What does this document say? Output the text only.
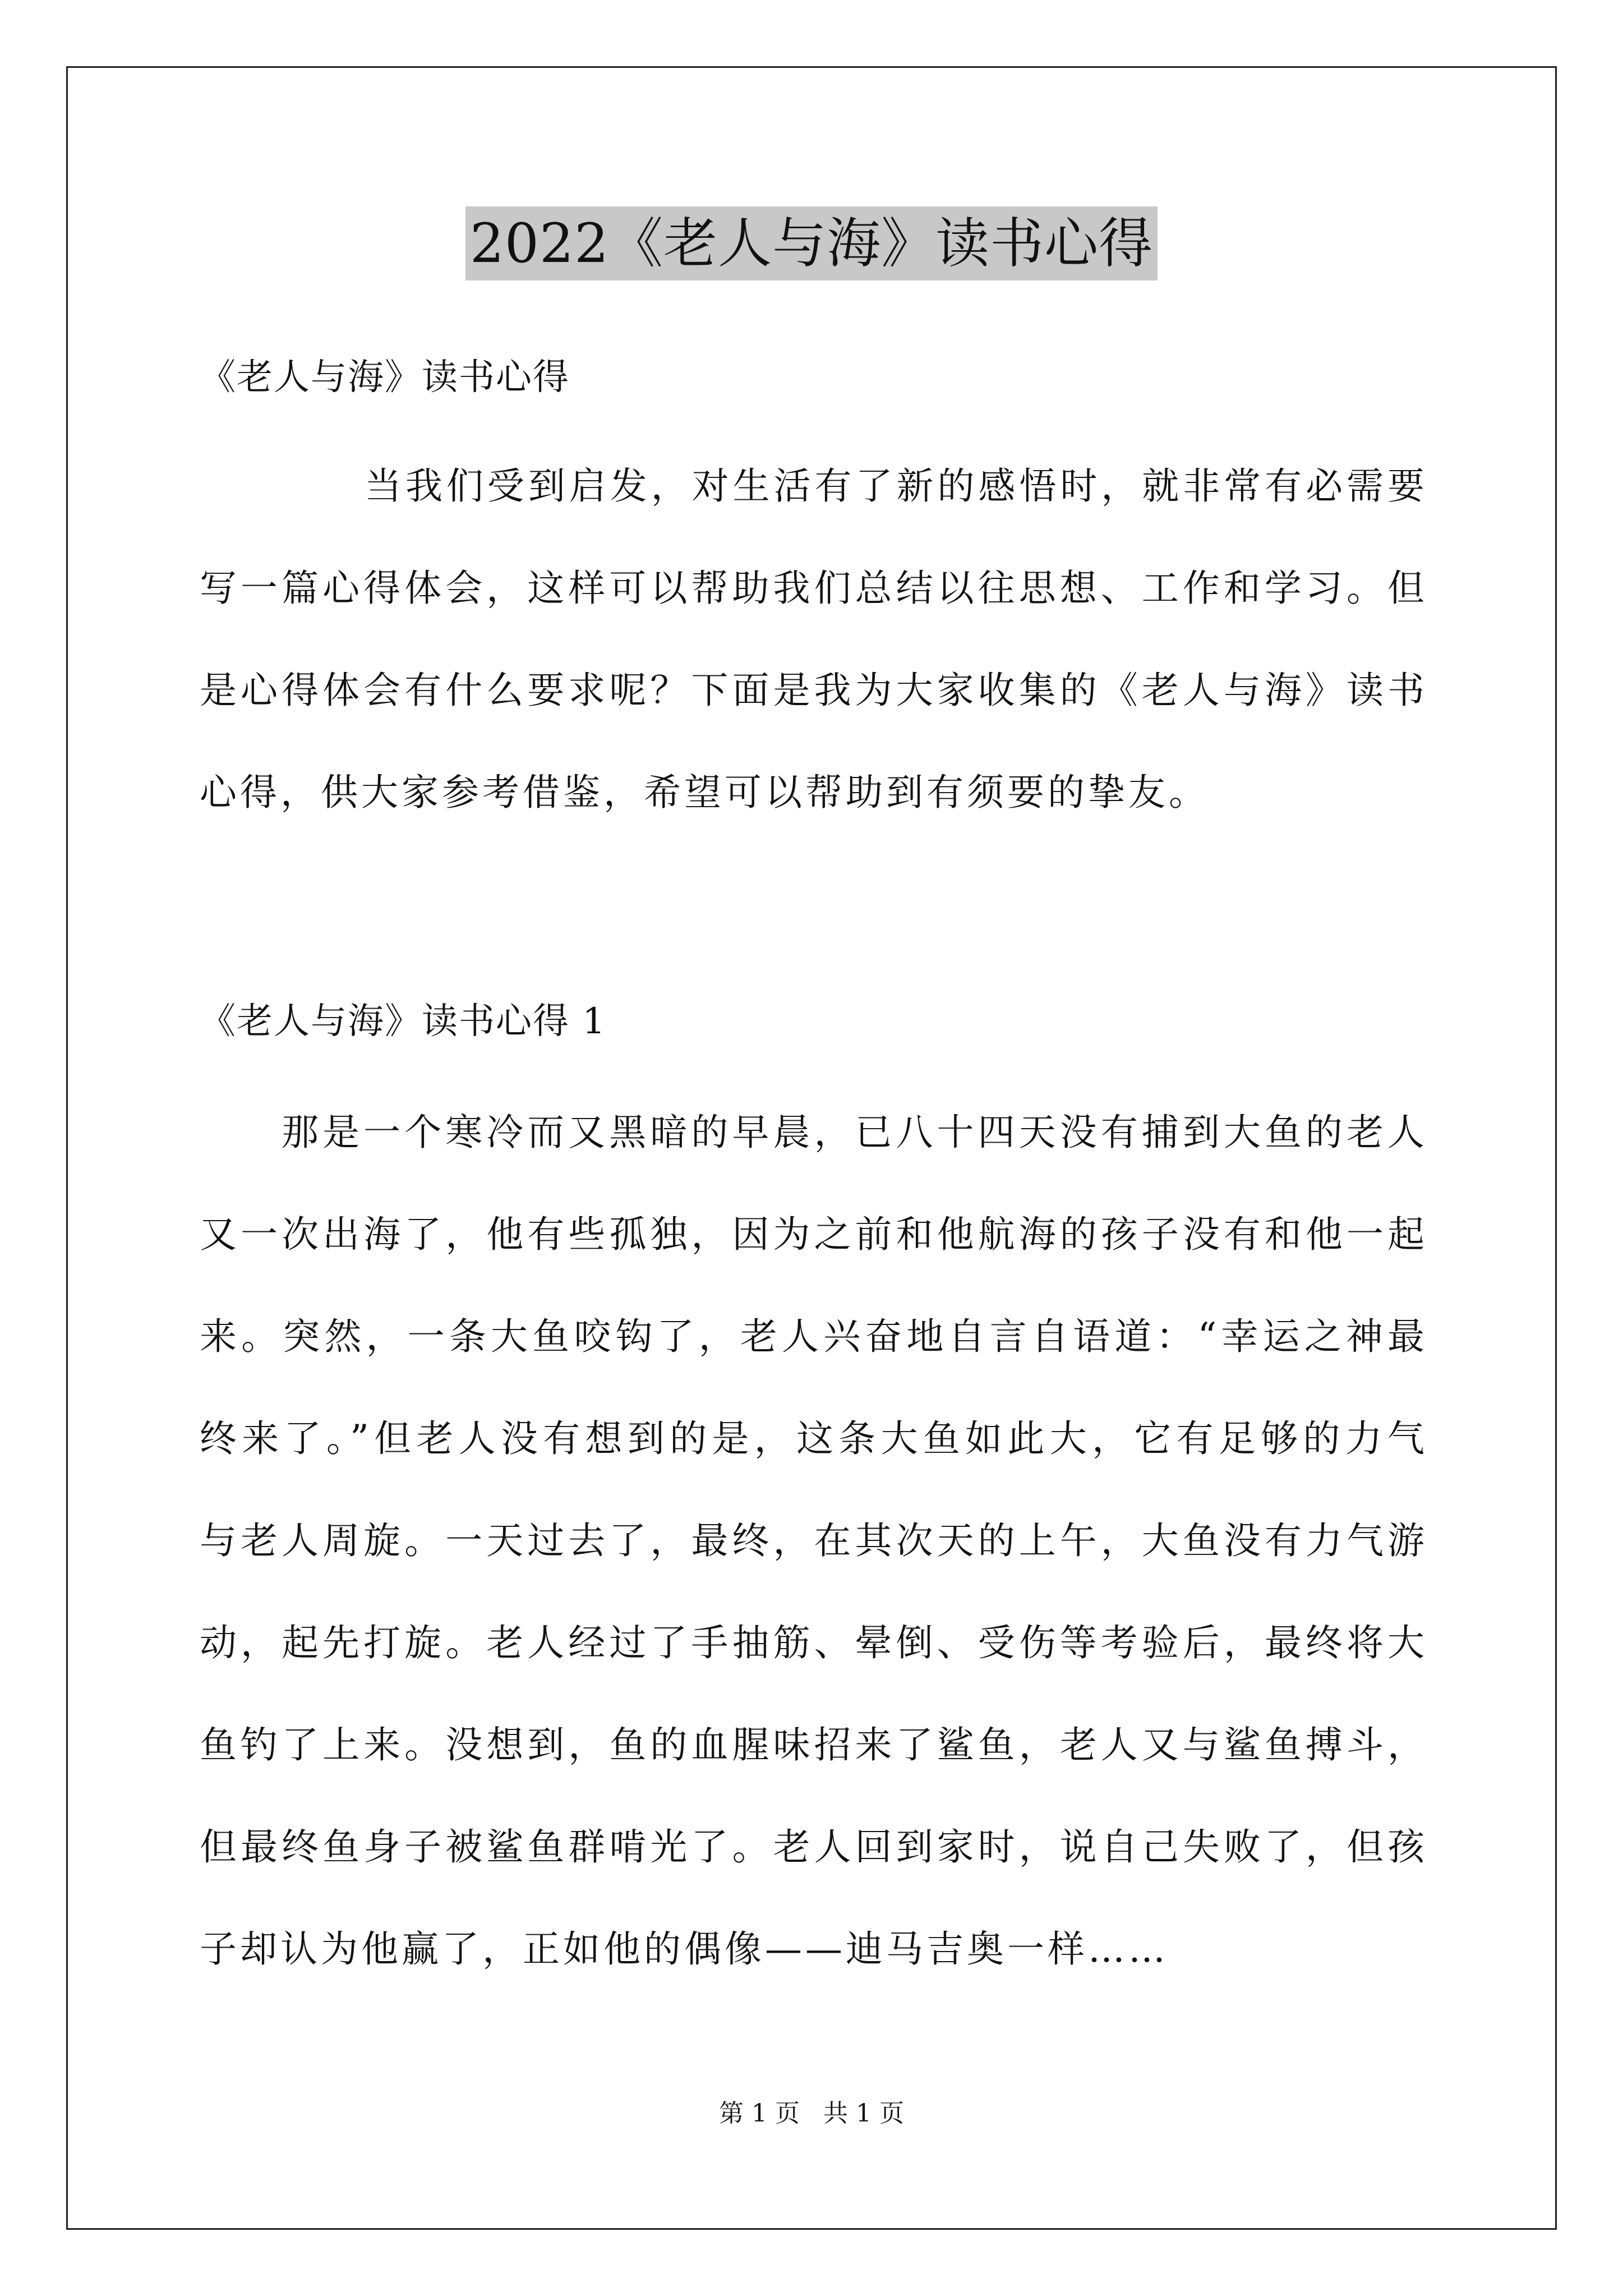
2022《老人与海》读书心得
《老人与海》读书心得
当我们受到启发，对生活有了新的感悟时，就非常有必需要
写一篇心得体会，这样可以帮助我们总结以往思想、工作和学习。但
是心得体会有什么要求呢？下面是我为大家收集的《老人与海》读书
心得，供大家参考借鉴，希望可以帮助到有须要的挚友。
《老人与海》读书心得 1
那是一个寒冷而又黑暗的早晨，已八十四天没有捕到大鱼的老人
又一次出海了，他有些孤独，因为之前和他航海的孩子没有和他一起
来。突然，一条大鱼咬钩了，老人兴奋地自言自语道：“幸运之神最
终来了。”但老人没有想到的是，这条大鱼如此大，它有足够的力气
与老人周旋。一天过去了，最终，在其次天的上午，大鱼没有力气游
动，起先打旋。老人经过了手抽筋、晕倒、受伤等考验后，最终将大
鱼钓了上来。没想到，鱼的血腥味招来了鲨鱼，老人又与鲨鱼搏斗，
但最终鱼身子被鲨鱼群啃光了。老人回到家时，说自己失败了，但孩
子却认为他赢了，正如他的偶像——迪马吉奥一样……
第 1 页 共 1 页
